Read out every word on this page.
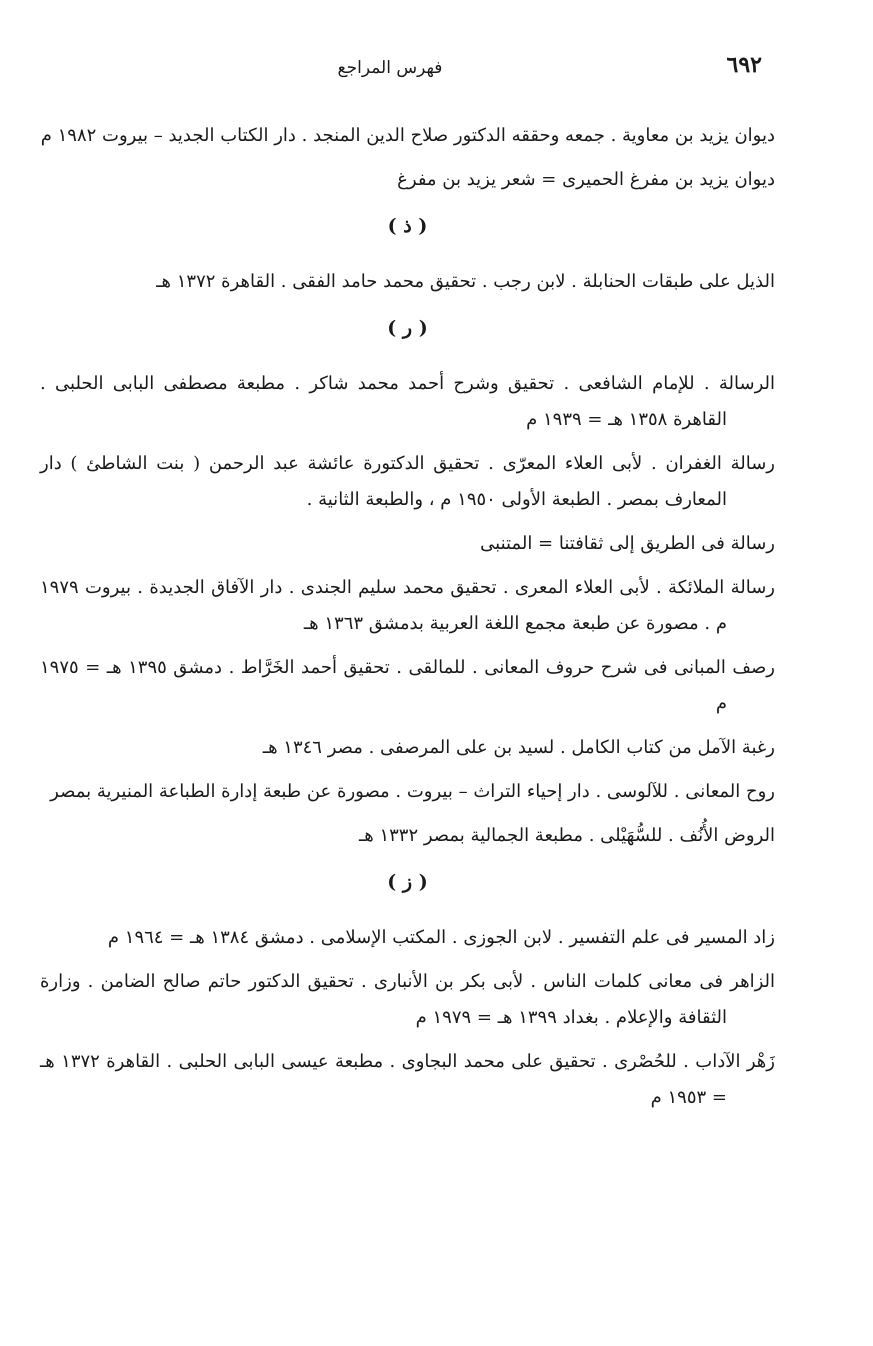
٦٩٢
فهرس المراجع

ديوان يزيد بن معاوية . جمعه وحققه الدكتور صلاح الدين المنجد . دار الكتاب الجديد – بيروت ١٩٨٢ م

ديوان يزيد بن مفرغ الحميرى = شعر يزيد بن مفرغ

( ذ )

الذيل على طبقات الحنابلة . لابن رجب . تحقيق محمد حامد الفقى . القاهرة ١٣٧٢ هـ

( ر )

الرسالة . للإمام الشافعى . تحقيق وشرح أحمد محمد شاكر . مطبعة مصطفى البابى الحلبى . القاهرة ١٣٥٨ هـ = ١٩٣٩ م

رسالة الغفران . لأبى العلاء المعرّى . تحقيق الدكتورة عائشة عبد الرحمن ( بنت الشاطئ ) دار المعارف بمصر . الطبعة الأولى ١٩٥٠ م ، والطبعة الثانية .

رسالة فى الطريق إلى ثقافتنا = المتنبى

رسالة الملائكة . لأبى العلاء المعرى . تحقيق محمد سليم الجندى . دار الآفاق الجديدة . بيروت ١٩٧٩ م . مصورة عن طبعة مجمع اللغة العربية بدمشق ١٣٦٣ هـ

رصف المبانى فى شرح حروف المعانى . للمالقى . تحقيق أحمد الخَرَّاط . دمشق ١٣٩٥ هـ = ١٩٧٥ م

رغبة الآمل من كتاب الكامل . لسيد بن على المرصفى . مصر ١٣٤٦ هـ

روح المعانى . للآلوسى . دار إحياء التراث – بيروت . مصورة عن طبعة إدارة الطباعة المنيرية بمصر

الروض الأُنُف . للسُّهَيْلى . مطبعة الجمالية بمصر ١٣٣٢ هـ

( ز )

زاد المسير فى علم التفسير . لابن الجوزى . المكتب الإسلامى . دمشق ١٣٨٤ هـ = ١٩٦٤ م

الزاهر فى معانى كلمات الناس . لأبى بكر بن الأنبارى . تحقيق الدكتور حاتم صالح الضامن . وزارة الثقافة والإعلام . بغداد ١٣٩٩ هـ = ١٩٧٩ م

زَهْر الآداب . للحُصْرى . تحقيق على محمد البجاوى . مطبعة عيسى البابى الحلبى . القاهرة ١٣٧٢ هـ = ١٩٥٣ م
